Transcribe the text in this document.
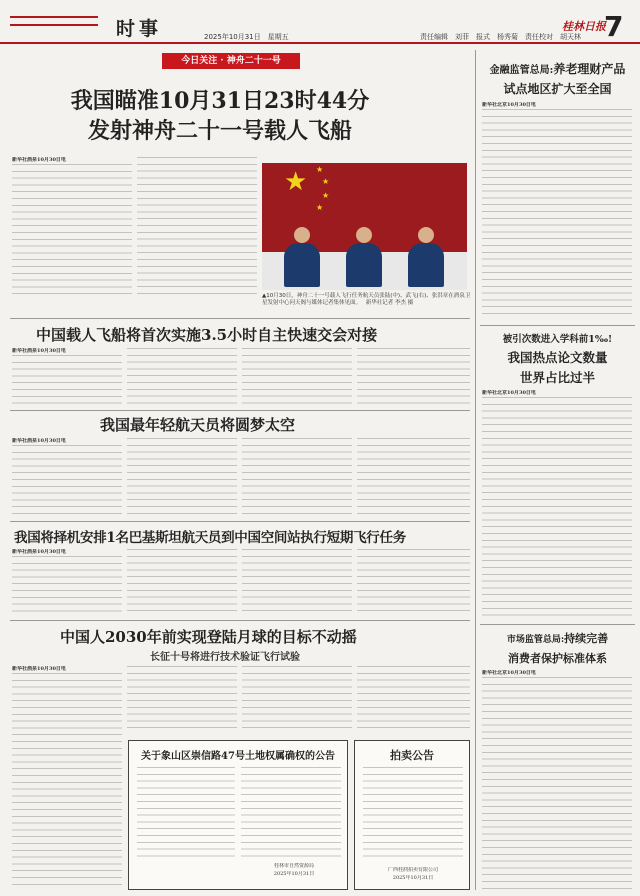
时事	2025年10月31日　星期五	责任编辑　刘菲　报式　杨秀菊　责任校对　胡天林
桂林日报
7
今日关注 · 神舟二十一号
我国瞄准10月31日23时44分
发射神舟二十一号载人飞船
新华社酒泉10月30日电
★ ★
★
★
★
▲10月30日，神舟二十一号载人飞行任务航天员张陆(中)、武飞(右)、张洪章在酒泉卫星发射中心问天阁与媒体记者集体见面。 新华社记者 李杰 摄
中国载人飞船将首次实施3.5小时自主快速交会对接
新华社酒泉10月30日电
我国最年轻航天员将圆梦太空
新华社酒泉10月30日电
我国将择机安排1名巴基斯坦航天员到中国空间站执行短期飞行任务
新华社酒泉10月30日电
中国人2030年前实现登陆月球的目标不动摇
长征十号将进行技术验证飞行试验
新华社酒泉10月30日电
关于象山区崇信路47号土地权属确权的公告
桂林市自然资源局
2025年10月31日
拍卖公告
广西桂润拍卖有限公司
2025年10月31日
金融监管总局:养老理财产品
试点地区扩大至全国
新华社北京10月30日电
被引次数进入学科前1‰!
我国热点论文数量
世界占比过半
新华社北京10月30日电
市场监管总局:持续完善
消费者保护标准体系
新华社北京10月30日电
